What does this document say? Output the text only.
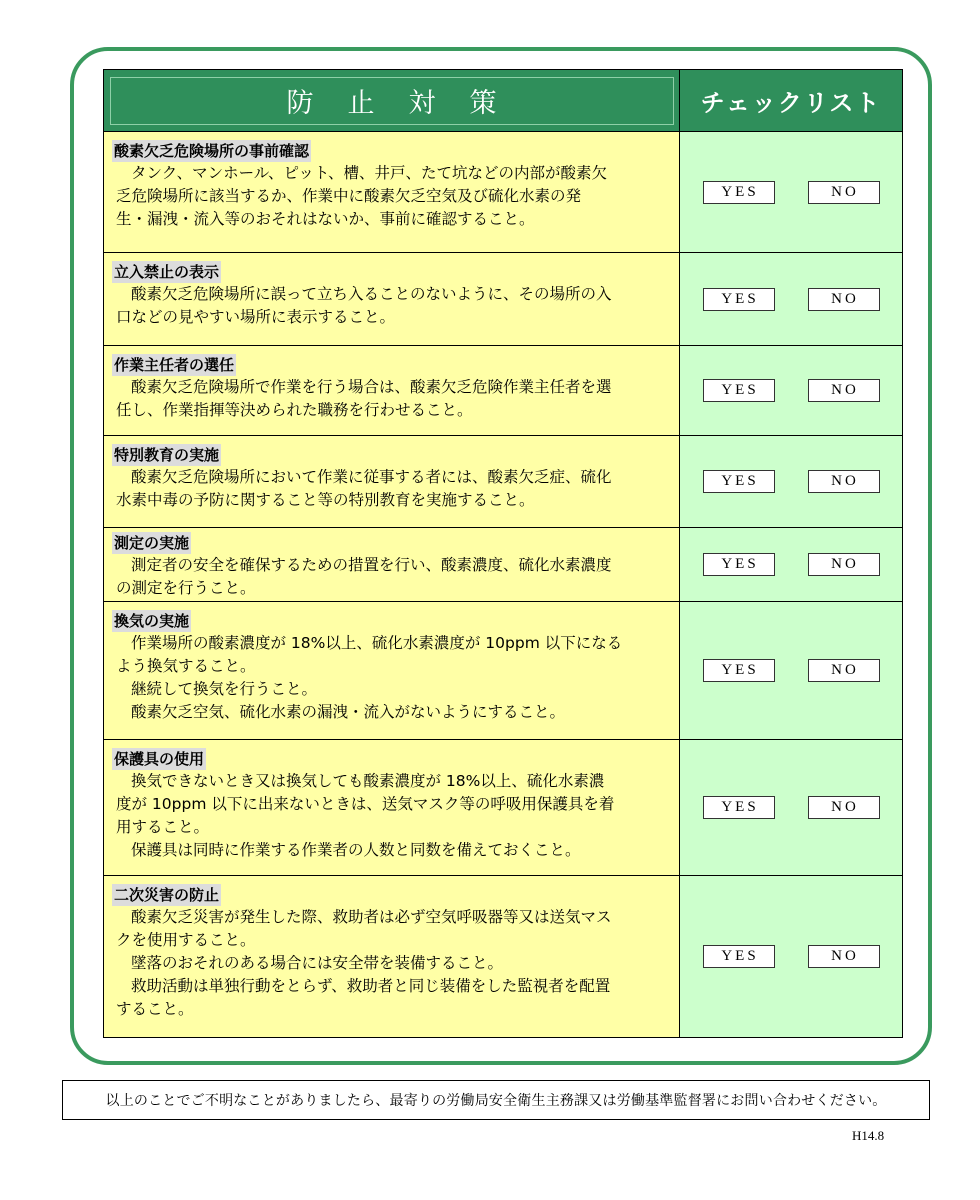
防止対策	チェックリスト
酸素欠乏危険場所の事前確認
タンク、マンホール、ピット、槽、井戸、たて坑などの内部が酸素欠
乏危険場所に該当するか、作業中に酸素欠乏空気及び硫化水素の発
生・漏洩・流入等のおそれはないか、事前に確認すること。
YES	NO
立入禁止の表示
酸素欠乏危険場所に誤って立ち入ることのないように、その場所の入
口などの見やすい場所に表示すること。
YES	NO
作業主任者の選任
酸素欠乏危険場所で作業を行う場合は、酸素欠乏危険作業主任者を選
任し、作業指揮等決められた職務を行わせること。
YES	NO
特別教育の実施
酸素欠乏危険場所において作業に従事する者には、酸素欠乏症、硫化
水素中毒の予防に関すること等の特別教育を実施すること。
YES	NO
測定の実施
測定者の安全を確保するための措置を行い、酸素濃度、硫化水素濃度
の測定を行うこと。
YES	NO
換気の実施
作業場所の酸素濃度が 18%以上、硫化水素濃度が 10ppm 以下になる
よう換気すること。
継続して換気を行うこと。
酸素欠乏空気、硫化水素の漏洩・流入がないようにすること。
YES	NO
保護具の使用
換気できないとき又は換気しても酸素濃度が 18%以上、硫化水素濃
度が 10ppm 以下に出来ないときは、送気マスク等の呼吸用保護具を着
用すること。
保護具は同時に作業する作業者の人数と同数を備えておくこと。
YES	NO
二次災害の防止
酸素欠乏災害が発生した際、救助者は必ず空気呼吸器等又は送気マス
クを使用すること。
墜落のおそれのある場合には安全帯を装備すること。
救助活動は単独行動をとらず、救助者と同じ装備をした監視者を配置
すること。
YES	NO
以上のことでご不明なことがありましたら、最寄りの労働局安全衛生主務課又は労働基準監督署にお問い合わせください。
H14.8
